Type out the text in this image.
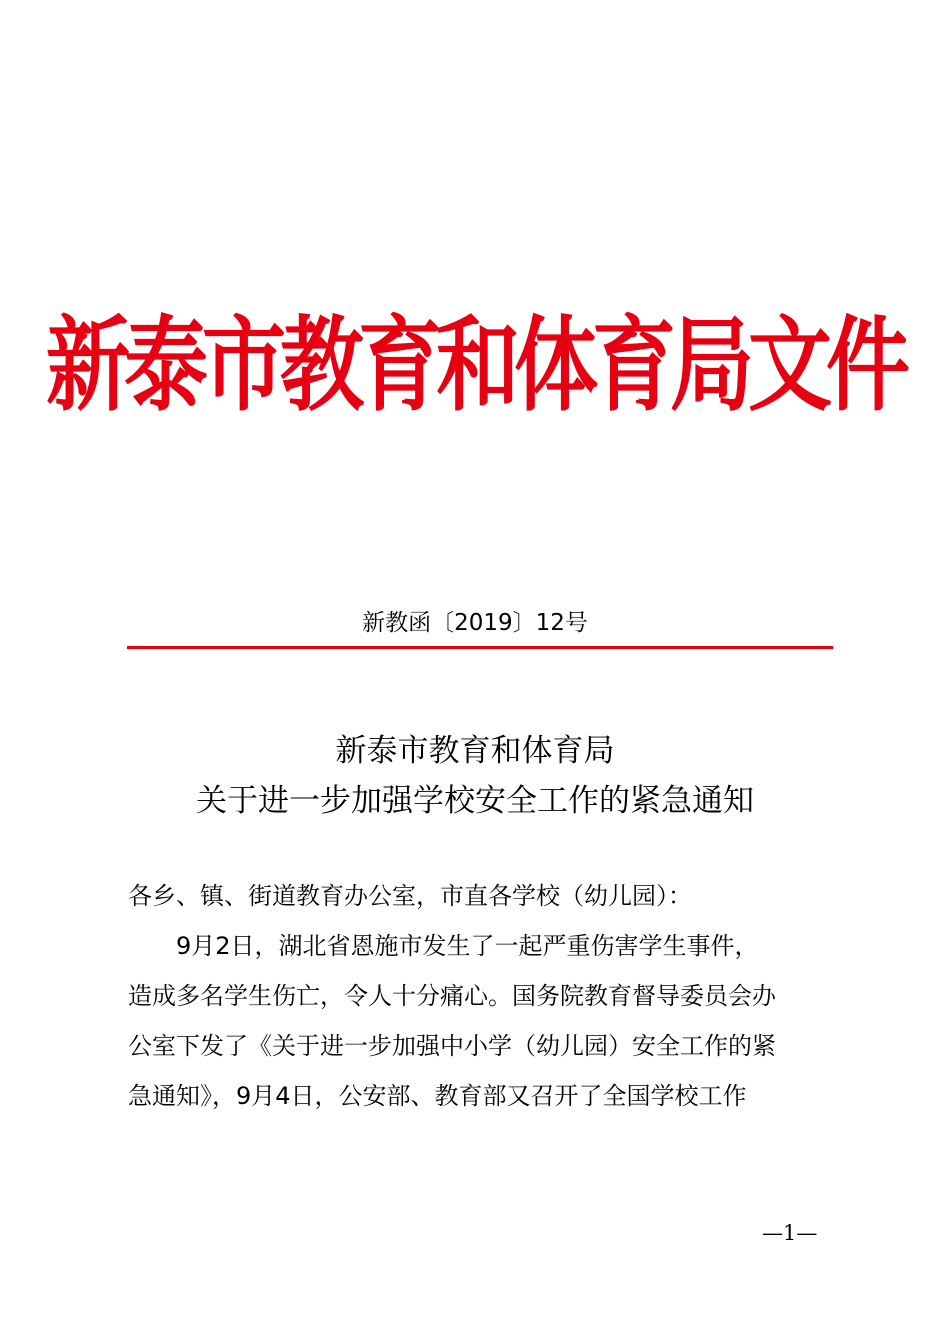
新泰市教育和体育局文件
新教函〔2019〕12号
新泰市教育和体育局
关于进一步加强学校安全工作的紧急通知
各乡、镇、街道教育办公室，市直各学校（幼儿园）：
　　9月2日，湖北省恩施市发生了一起严重伤害学生事件，
造成多名学生伤亡，令人十分痛心。国务院教育督导委员会办
公室下发了《关于进一步加强中小学（幼儿园）安全工作的紧
急通知》，9月4日，公安部、教育部又召开了全国学校工作
—1—
